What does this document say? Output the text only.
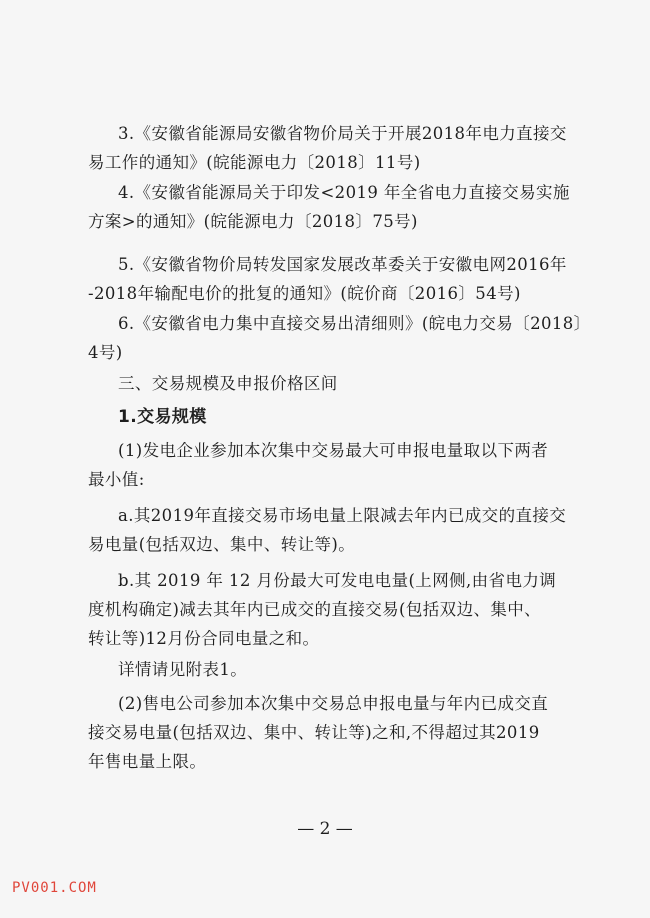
3.《安徽省能源局安徽省物价局关于开展2018年电力直接交
易工作的通知》(皖能源电力〔2018〕11号)
4.《安徽省能源局关于印发<2019 年全省电力直接交易实施
方案>的通知》(皖能源电力〔2018〕75号)
5.《安徽省物价局转发国家发展改革委关于安徽电网2016年
-2018年输配电价的批复的通知》(皖价商〔2016〕54号)
6.《安徽省电力集中直接交易出清细则》(皖电力交易〔2018〕
4号)
三、交易规模及申报价格区间
1.交易规模
(1)发电企业参加本次集中交易最大可申报电量取以下两者
最小值:
a.其2019年直接交易市场电量上限减去年内已成交的直接交
易电量(包括双边、集中、转让等)。
b.其 2019 年 12 月份最大可发电电量(上网侧,由省电力调
度机构确定)减去其年内已成交的直接交易(包括双边、集中、
转让等)12月份合同电量之和。
详情请见附表1。
(2)售电公司参加本次集中交易总申报电量与年内已成交直
接交易电量(包括双边、集中、转让等)之和,不得超过其2019
年售电量上限。
— 2 —
PV001.COM
